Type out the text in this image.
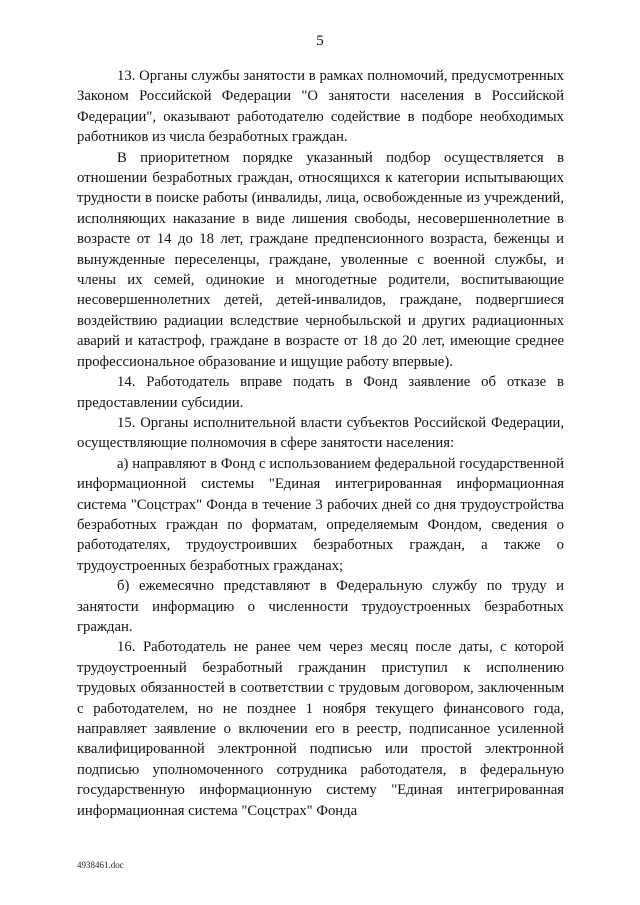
5

13. Органы службы занятости в рамках полномочий, предусмотренных Законом Российской Федерации "О занятости населения в Российской Федерации", оказывают работодателю содействие в подборе необходимых работников из числа безработных граждан.

В приоритетном порядке указанный подбор осуществляется в отношении безработных граждан, относящихся к категории испытывающих трудности в поиске работы (инвалиды, лица, освобожденные из учреждений, исполняющих наказание в виде лишения свободы, несовершеннолетние в возрасте от 14 до 18 лет, граждане предпенсионного возраста, беженцы и вынужденные переселенцы, граждане, уволенные с военной службы, и члены их семей, одинокие и многодетные родители, воспитывающие несовершеннолетних детей, детей-инвалидов, граждане, подвергшиеся воздействию радиации вследствие чернобыльской и других радиационных аварий и катастроф, граждане в возрасте от 18 до 20 лет, имеющие среднее профессиональное образование и ищущие работу впервые).

14. Работодатель вправе подать в Фонд заявление об отказе в предоставлении субсидии.

15. Органы исполнительной власти субъектов Российской Федерации, осуществляющие полномочия в сфере занятости населения:

а) направляют в Фонд с использованием федеральной государственной информационной системы "Единая интегрированная информационная система "Соцстрах" Фонда в течение 3 рабочих дней со дня трудоустройства безработных граждан по форматам, определяемым Фондом, сведения о работодателях, трудоустроивших безработных граждан, а также о трудоустроенных безработных гражданах;

б) ежемесячно представляют в Федеральную службу по труду и занятости информацию о численности трудоустроенных безработных граждан.

16. Работодатель не ранее чем через месяц после даты, с которой трудоустроенный безработный гражданин приступил к исполнению трудовых обязанностей в соответствии с трудовым договором, заключенным с работодателем, но не позднее 1 ноября текущего финансового года, направляет заявление о включении его в реестр, подписанное усиленной квалифицированной электронной подписью или простой электронной подписью уполномоченного сотрудника работодателя, в федеральную государственную информационную систему "Единая интегрированная информационная система "Соцстрах" Фонда

4938461.doc
